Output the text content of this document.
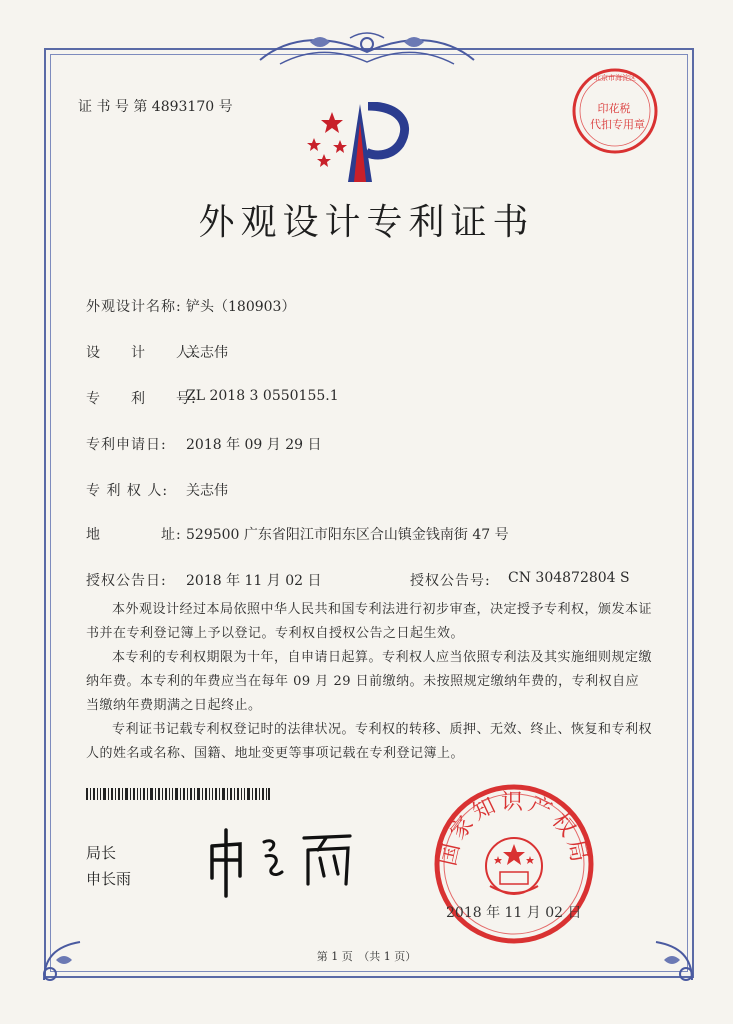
证 书 号 第 4893170 号
北京市海淀区
印花税
代扣专用章
外观设计专利证书
外观设计名称: 铲头（180903）
设　　计　　人:
关志伟
专　　利　　号:
ZL 2018 3 0550155.1
专利申请日: 2018 年 09 月 29 日
专 利 权 人: 关志伟
地　　　　址: 529500 广东省阳江市阳东区合山镇金钱南街 47 号
授权公告日: 2018 年 11 月 02 日	授权公告号: CN 304872804 S
本外观设计经过本局依照中华人民共和国专利法进行初步审查，决定授予专利权，颁发本证书并在专利登记簿上予以登记。专利权自授权公告之日起生效。
本专利的专利权期限为十年，自申请日起算。专利权人应当依照专利法及其实施细则规定缴纳年费。本专利的年费应当在每年 09 月 29 日前缴纳。未按照规定缴纳年费的，专利权自应当缴纳年费期满之日起终止。
专利证书记载专利权登记时的法律状况。专利权的转移、质押、无效、终止、恢复和专利权人的姓名或名称、国籍、地址变更等事项记载在专利登记簿上。
局长
申长雨
国家知识产权局
2018 年 11 月 02 日
第 1 页　（共 1 页）
